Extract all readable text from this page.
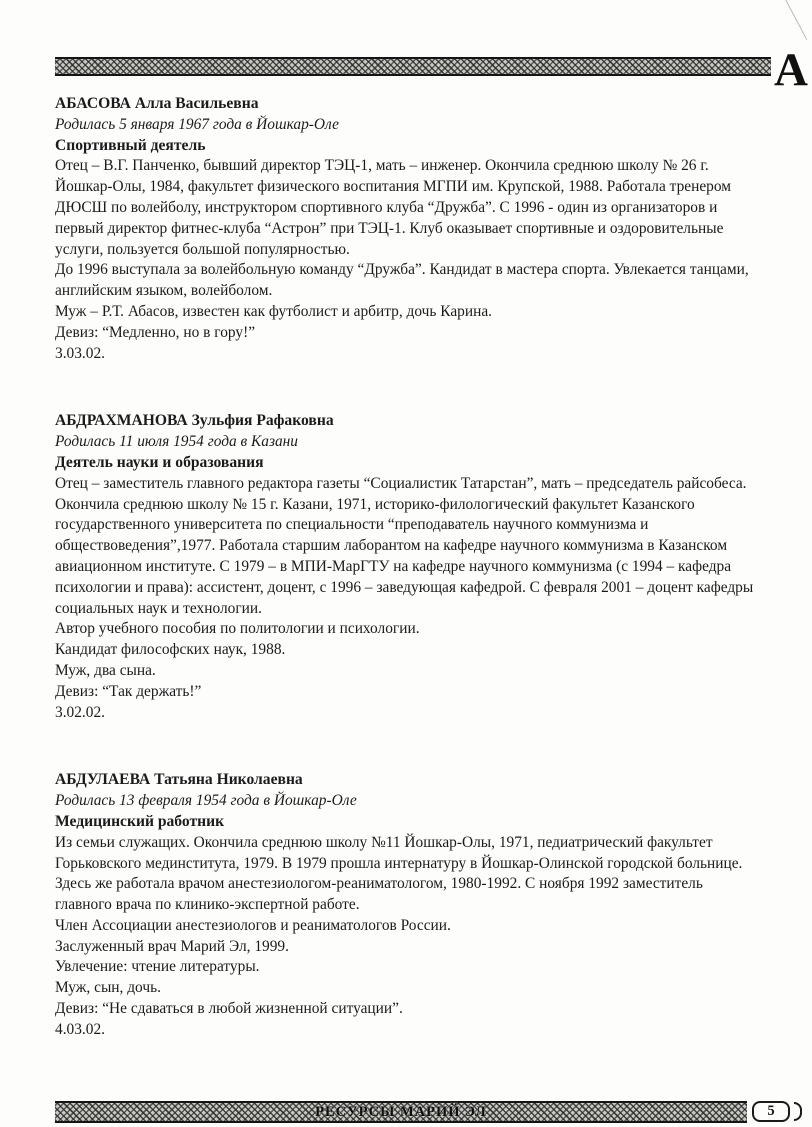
А
АБАСОВА Алла Васильевна

Родилась 5 января 1967 года в Йошкар-Оле

Спортивный деятель

Отец – В.Г. Панченко, бывший директор ТЭЦ-1, мать – инженер. Окончила среднюю школу № 26 г. Йошкар-Олы, 1984, факультет физического воспитания МГПИ им. Крупской, 1988. Работала тренером ДЮСШ по волейболу, инструктором спортивного клуба “Дружба”. С 1996 - один из организаторов и первый директор фитнес-клуба “Астрон” при ТЭЦ-1. Клуб оказывает спортивные и оздоровительные услуги, пользуется большой популярностью.

До 1996 выступала за волейбольную команду “Дружба”. Кандидат в мастера спорта. Увлекается танцами, английским языком, волейболом.

Муж – Р.Т. Абасов, известен как футболист и арбитр, дочь Карина.

Девиз: “Медленно, но в гору!”

3.03.02.

АБДРАХМАНОВА Зульфия Рафаковна

Родилась 11 июля 1954 года в Казани

Деятель науки и образования

Отец – заместитель главного редактора газеты “Социалистик Татарстан”, мать – председатель райсобеса. Окончила среднюю школу № 15 г. Казани, 1971, историко-филологический факультет Казанского государственного университета по специальности “преподаватель научного коммунизма и обществоведения”,1977. Работала старшим лаборантом на кафедре научного коммунизма в Казанском авиационном институте. С 1979 – в МПИ-МарГТУ на кафедре научного коммунизма (с 1994 – кафедра психологии и права): ассистент, доцент, с 1996 – заведующая кафедрой. С февраля 2001 – доцент кафедры социальных наук и технологии.

Автор учебного пособия по политологии и психологии.

Кандидат философских наук, 1988.

Муж, два сына.

Девиз: “Так держать!”

3.02.02.

АБДУЛАЕВА Татьяна Николаевна

Родилась 13 февраля 1954 года в Йошкар-Оле

Медицинский работник

Из семьи служащих. Окончила среднюю школу №11 Йошкар-Олы, 1971, педиатрический факультет Горьковского мединститута, 1979. В 1979 прошла интернатуру в Йошкар-Олинской городской больнице. Здесь же работала врачом анестезиологом-реаниматологом, 1980-1992. С ноября 1992 заместитель главного врача по клинико-экспертной работе.

Член Ассоциации анестезиологов и реаниматологов России.

Заслуженный врач Марий Эл, 1999.

Увлечение: чтение литературы.

Муж, сын, дочь.

Девиз: “Не сдаваться в любой жизненной ситуации”.

4.03.02.

РЕСУРСЫ МАРИЙ ЭЛ	5
